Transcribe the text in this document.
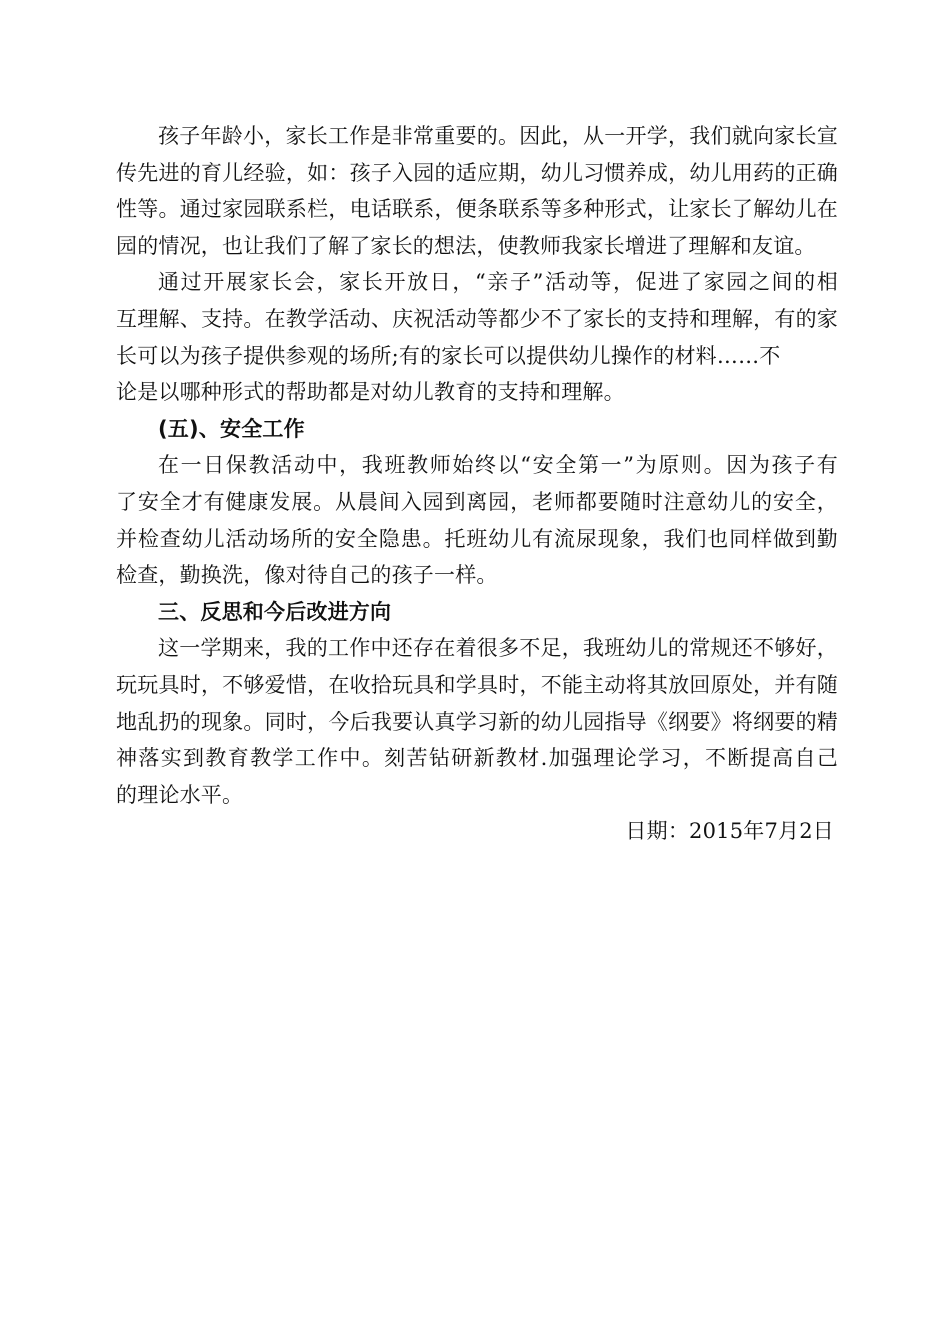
孩子年龄小，家长工作是非常重要的。因此，从一开学，我们就向家长宣
传先进的育儿经验，如：孩子入园的适应期，幼儿习惯养成，幼儿用药的正确
性等。通过家园联系栏，电话联系，便条联系等多种形式，让家长了解幼儿在
园的情况，也让我们了解了家长的想法，使教师我家长增进了理解和友谊。
通过开展家长会，家长开放日，“亲子”活动等，促进了家园之间的相
互理解、支持。在教学活动、庆祝活动等都少不了家长的支持和理解，有的家
长可以为孩子提供参观的场所;有的家长可以提供幼儿操作的材料……不
论是以哪种形式的帮助都是对幼儿教育的支持和理解。
(五)、安全工作
在一日保教活动中，我班教师始终以“安全第一”为原则。因为孩子有
了安全才有健康发展。从晨间入园到离园，老师都要随时注意幼儿的安全，
并检查幼儿活动场所的安全隐患。托班幼儿有流尿现象，我们也同样做到勤
检查，勤换洗，像对待自己的孩子一样。
三、反思和今后改进方向
这一学期来，我的工作中还存在着很多不足，我班幼儿的常规还不够好，
玩玩具时，不够爱惜，在收拾玩具和学具时，不能主动将其放回原处，并有随
地乱扔的现象。同时，今后我要认真学习新的幼儿园指导《纲要》将纲要的精
神落实到教育教学工作中。刻苦钻研新教材.加强理论学习，不断提高自己
的理论水平。
日期：2015年7月2日
